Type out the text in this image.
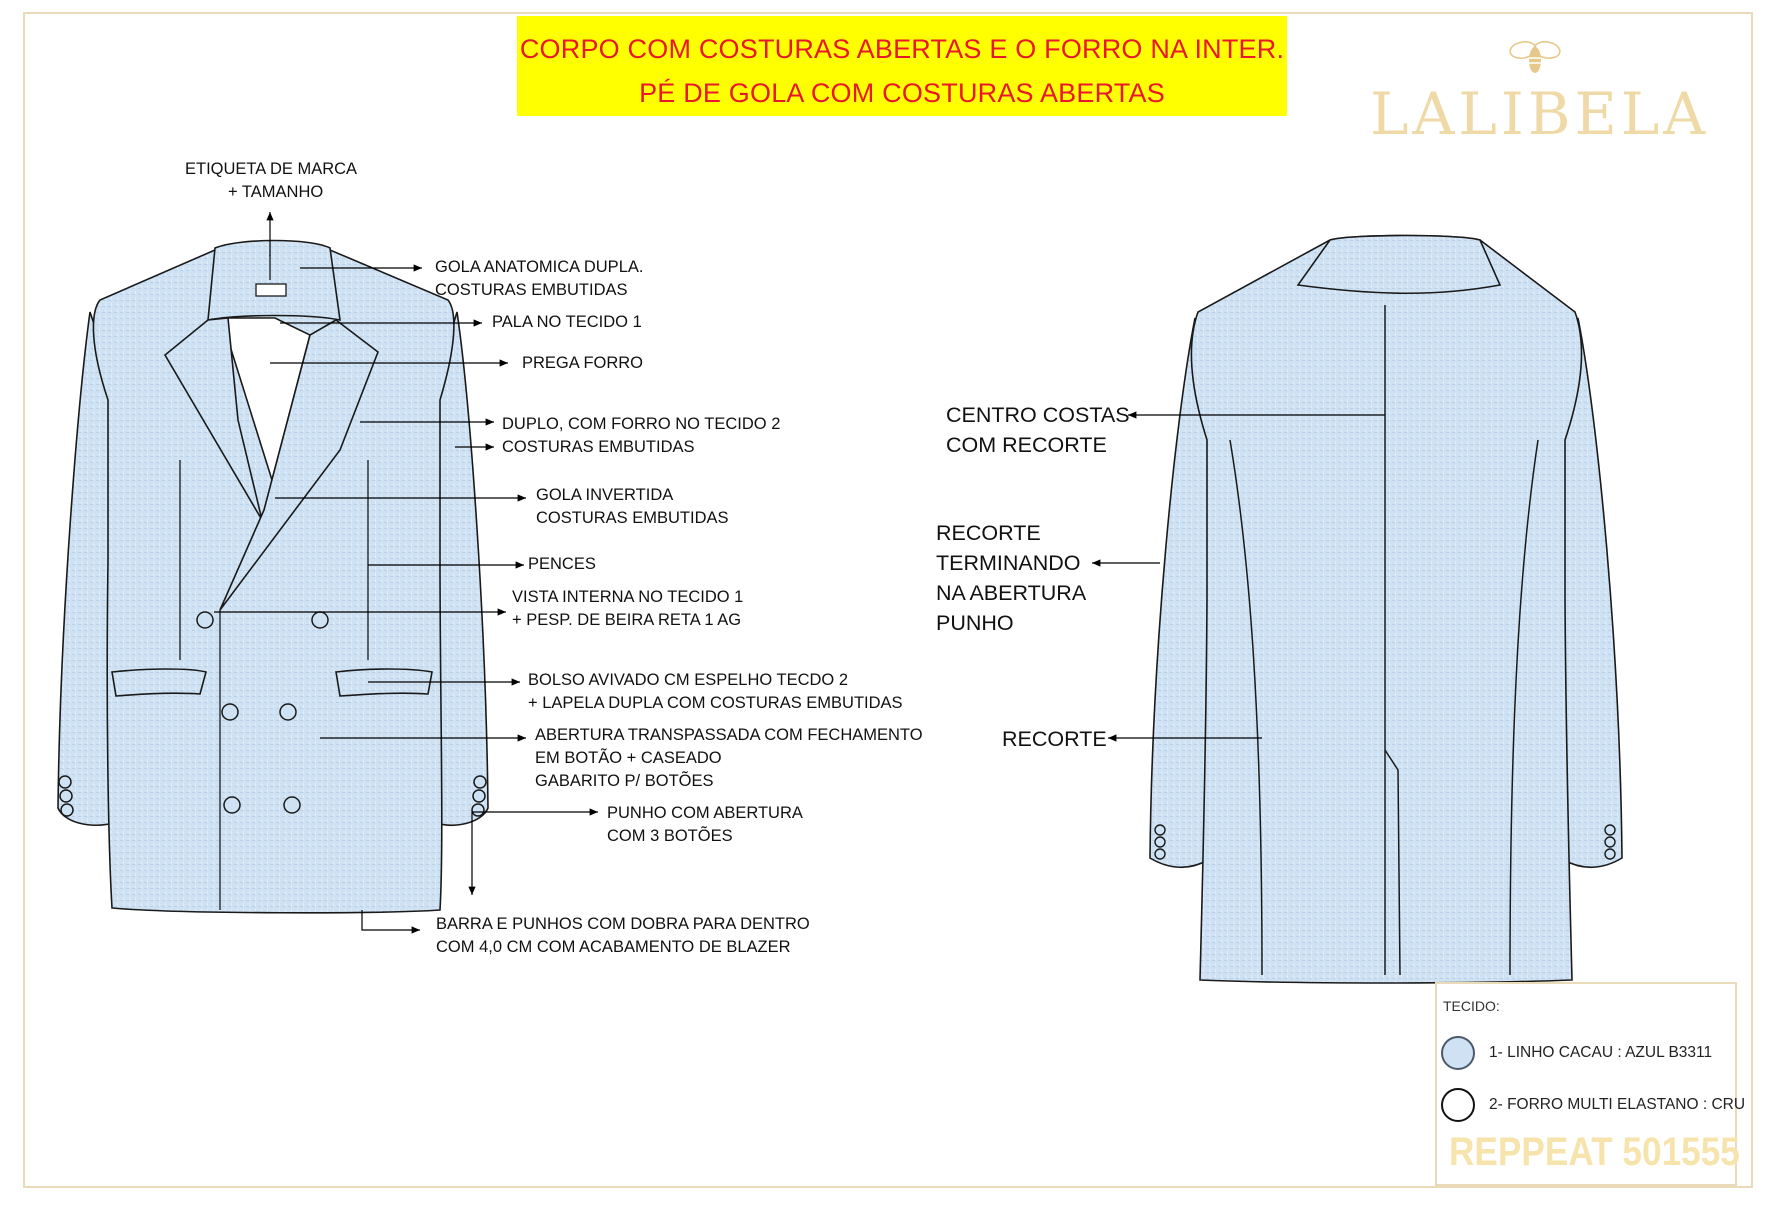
CORPO COM COSTURAS ABERTAS E O FORRO NA INTER.
PÉ DE GOLA COM COSTURAS ABERTAS	LALIBELA
ETIQUETA DE MARCA
+ TAMANHO
GOLA ANATOMICA DUPLA.
COSTURAS EMBUTIDAS
PALA NO TECIDO 1
PREGA FORRO
DUPLO, COM FORRO NO TECIDO 2
COSTURAS EMBUTIDAS
GOLA INVERTIDA
COSTURAS EMBUTIDAS
PENCES
VISTA INTERNA NO TECIDO 1
+ PESP. DE BEIRA RETA 1 AG
BOLSO AVIVADO CM ESPELHO TECDO 2
+ LAPELA DUPLA COM COSTURAS EMBUTIDAS
ABERTURA TRANSPASSADA COM FECHAMENTO
EM BOTÃO + CASEADO
GABARITO P/ BOTÕES
PUNHO COM ABERTURA
COM 3 BOTÕES
BARRA E PUNHOS COM DOBRA PARA DENTRO
COM 4,0 CM COM ACABAMENTO DE BLAZER
CENTRO COSTAS
COM RECORTE
RECORTE
TERMINANDO
NA ABERTURA
PUNHO
RECORTE
TECIDO:
1- LINHO CACAU : AZUL B3311
2- FORRO MULTI ELASTANO : CRU
REPPEAT 501555
